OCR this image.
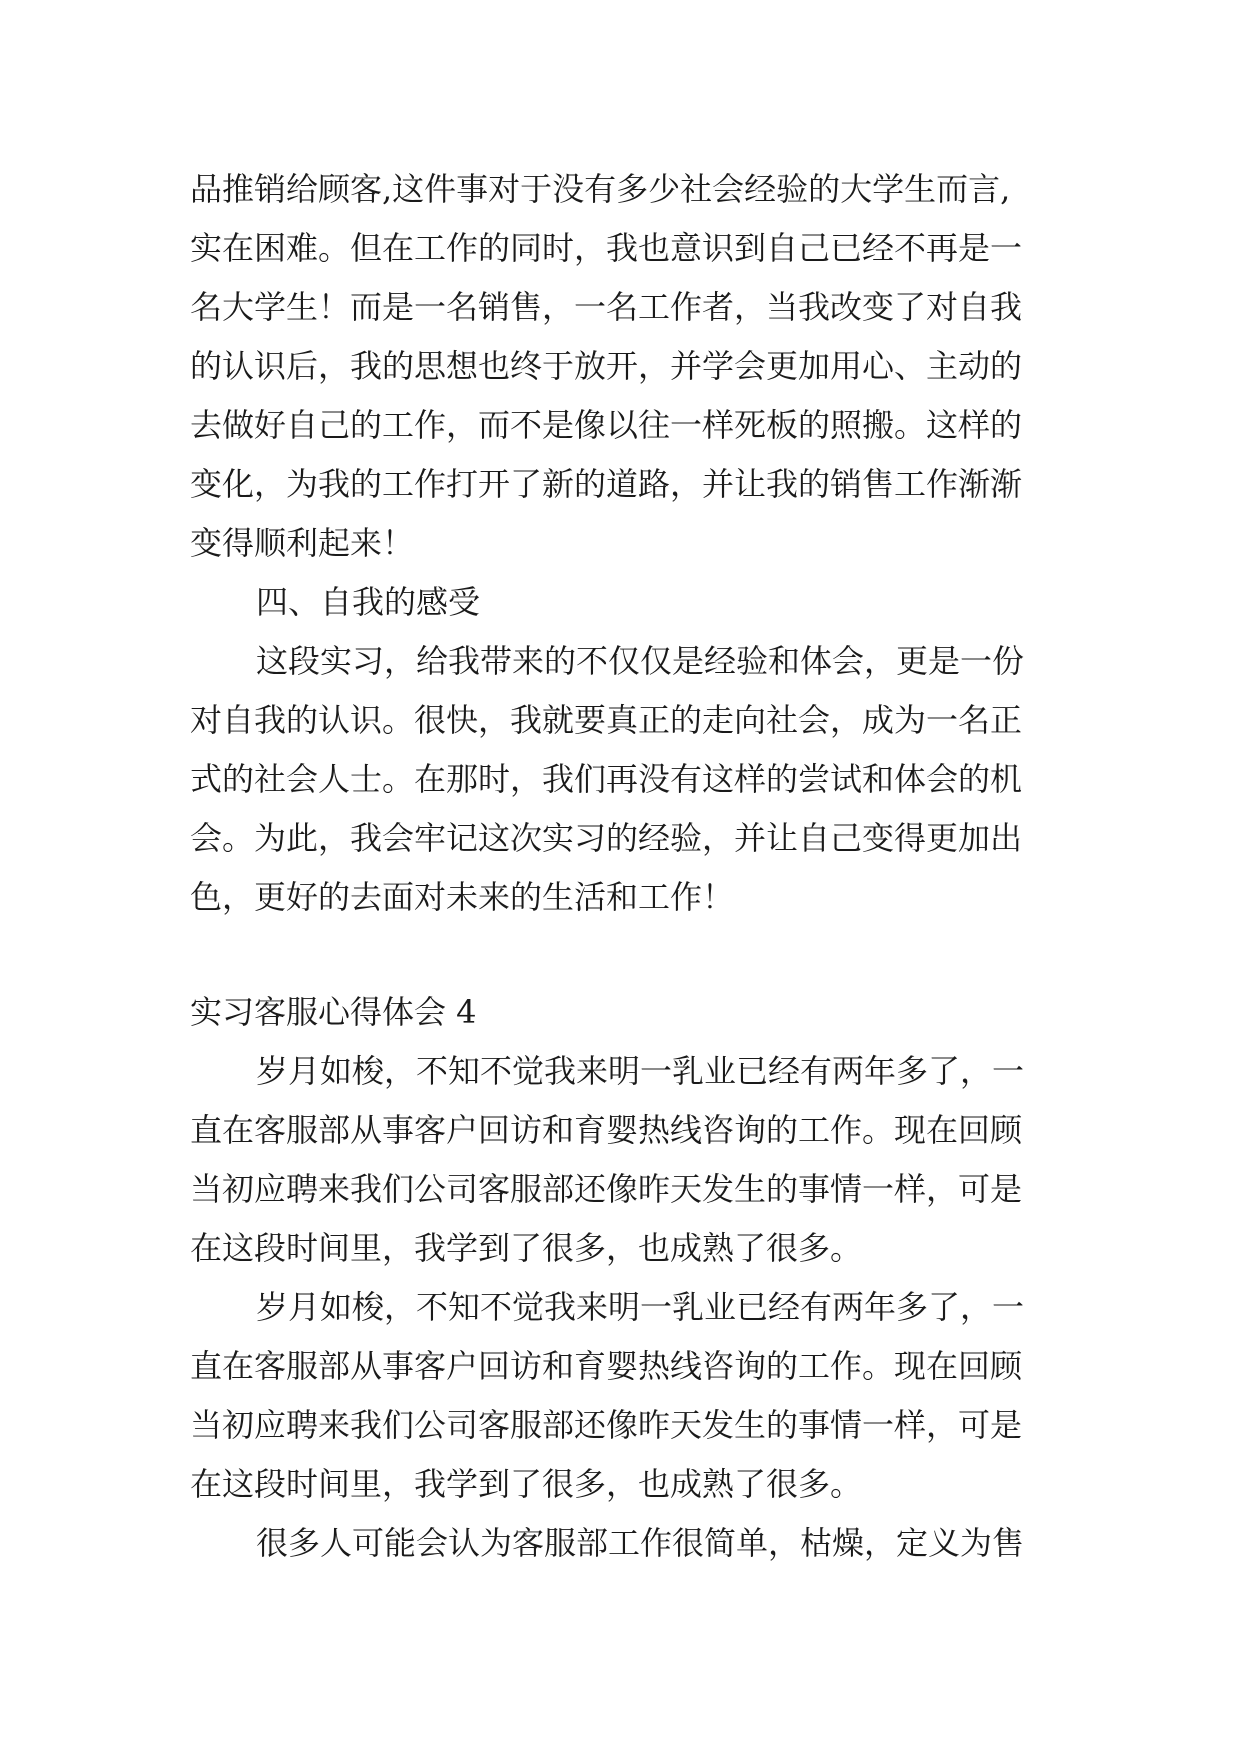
品推销给顾客,这件事对于没有多少社会经验的大学生而言,
实在困难。但在工作的同时，我也意识到自己已经不再是一
名大学生！而是一名销售，一名工作者，当我改变了对自我
的认识后，我的思想也终于放开，并学会更加用心、主动的
去做好自己的工作，而不是像以往一样死板的照搬。这样的
变化，为我的工作打开了新的道路，并让我的销售工作渐渐
变得顺利起来！
四、自我的感受
这段实习，给我带来的不仅仅是经验和体会，更是一份
对自我的认识。很快，我就要真正的走向社会，成为一名正
式的社会人士。在那时，我们再没有这样的尝试和体会的机
会。为此，我会牢记这次实习的经验，并让自己变得更加出
色，更好的去面对未来的生活和工作！
实习客服心得体会 4
岁月如梭，不知不觉我来明一乳业已经有两年多了，一
直在客服部从事客户回访和育婴热线咨询的工作。现在回顾
当初应聘来我们公司客服部还像昨天发生的事情一样，可是
在这段时间里，我学到了很多，也成熟了很多。
岁月如梭，不知不觉我来明一乳业已经有两年多了，一
直在客服部从事客户回访和育婴热线咨询的工作。现在回顾
当初应聘来我们公司客服部还像昨天发生的事情一样，可是
在这段时间里，我学到了很多，也成熟了很多。
很多人可能会认为客服部工作很简单，枯燥，定义为售
